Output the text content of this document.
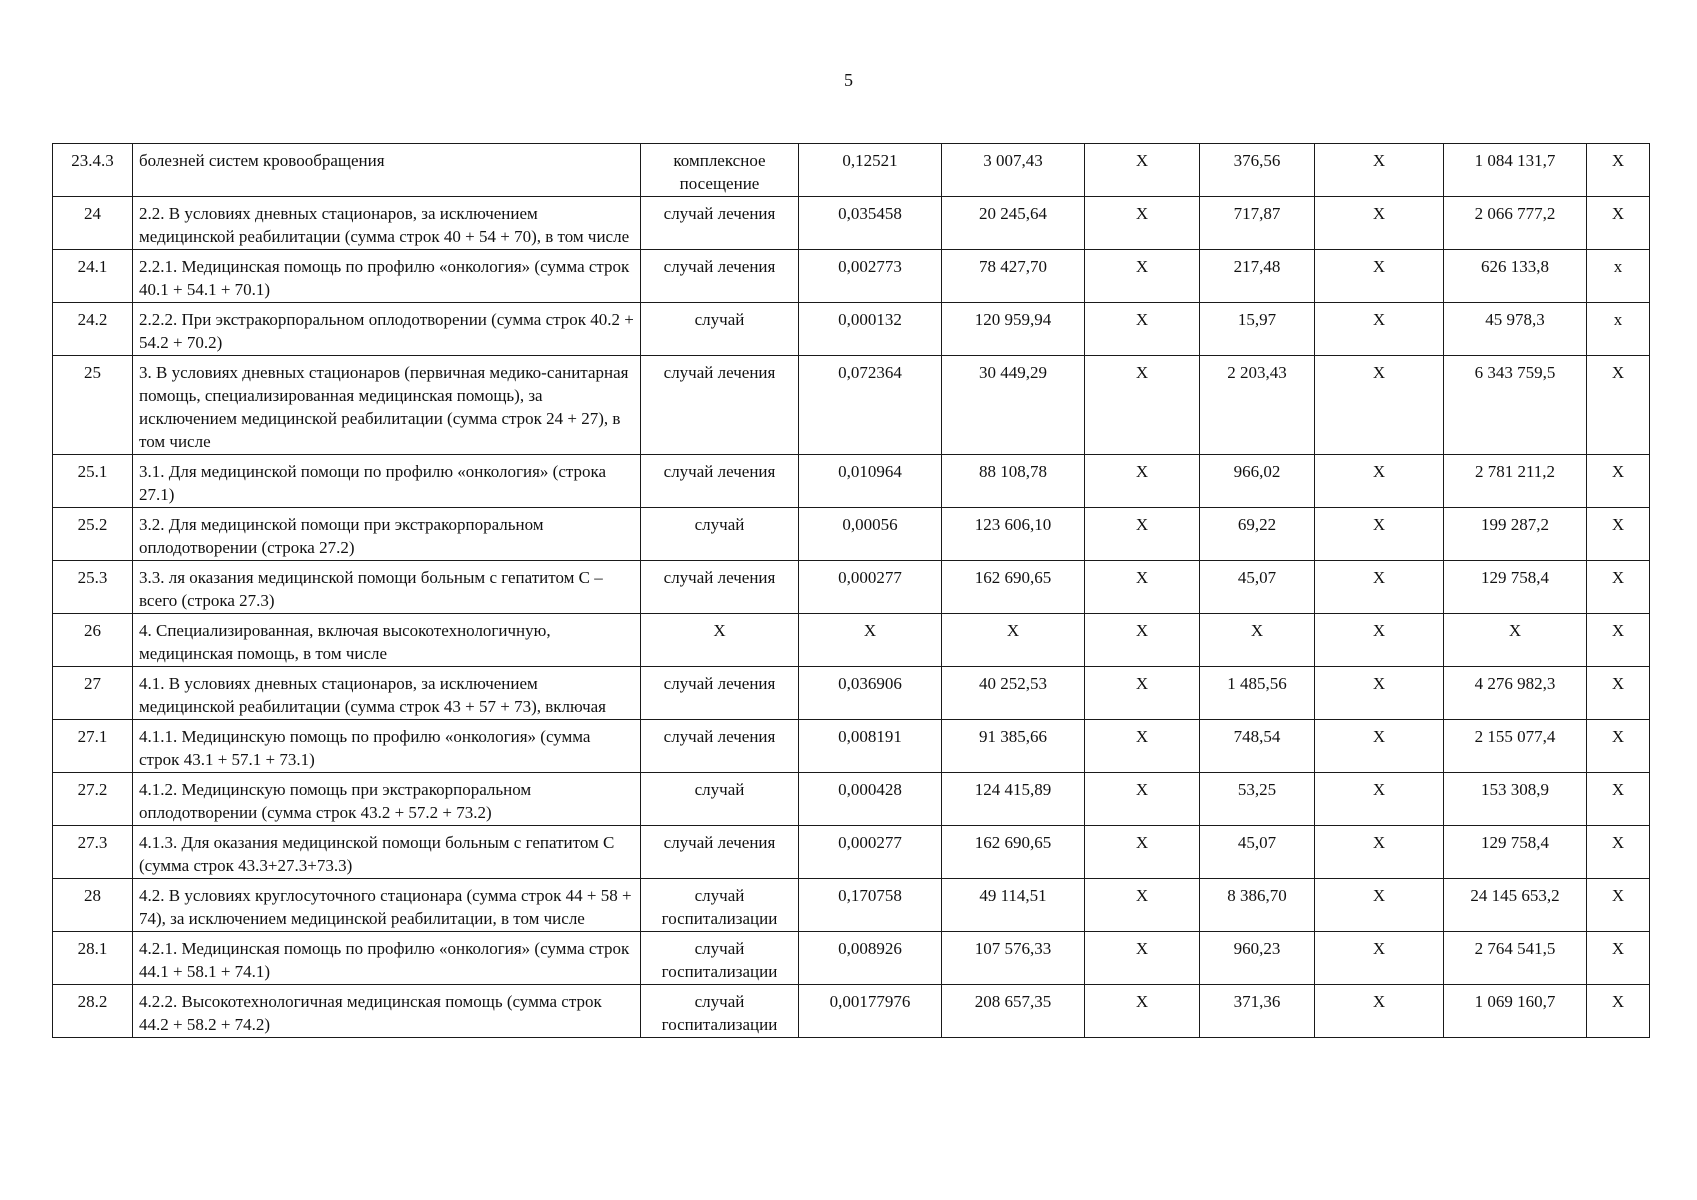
5
23.4.3	болезней систем кровообращения	комплексное посещение	0,12521	3 007,43	X	376,56	X	1 084 131,7	X
24	2.2. В условиях дневных стационаров, за исключением медицинской реабилитации (сумма строк 40 + 54 + 70), в том числе	случай лечения	0,035458	20 245,64	X	717,87	X	2 066 777,2	X
24.1	2.2.1. Медицинская помощь по профилю «онкология» (сумма строк 40.1 + 54.1 + 70.1)	случай лечения	0,002773	78 427,70	X	217,48	X	626 133,8	x
24.2	2.2.2. При экстракорпоральном оплодотворении (сумма строк 40.2 + 54.2 + 70.2)	случай	0,000132	120 959,94	X	15,97	X	45 978,3	x
25	3. В условиях дневных стационаров (первичная медико-санитарная помощь, специализированная медицинская помощь), за исключением медицинской реабилитации (сумма строк 24 + 27), в том числе	случай лечения	0,072364	30 449,29	X	2 203,43	X	6 343 759,5	X
25.1	3.1. Для медицинской помощи по профилю «онкология» (строка 27.1)	случай лечения	0,010964	88 108,78	X	966,02	X	2 781 211,2	X
25.2	3.2. Для медицинской помощи при экстракорпоральном оплодотворении (строка 27.2)	случай	0,00056	123 606,10	X	69,22	X	199 287,2	X
25.3	3.3. ля оказания медицинской помощи больным с гепатитом С – всего (строка 27.3)	случай лечения	0,000277	162 690,65	X	45,07	X	129 758,4	X
26	4. Специализированная, включая высокотехнологичную, медицинская помощь, в том числе	X	X	X	X	X	X	X	X
27	4.1. В условиях дневных стационаров, за исключением медицинской реабилитации (сумма строк 43 + 57 + 73), включая	случай лечения	0,036906	40 252,53	X	1 485,56	X	4 276 982,3	X
27.1	4.1.1. Медицинскую помощь по профилю «онкология» (сумма строк 43.1 + 57.1 + 73.1)	случай лечения	0,008191	91 385,66	X	748,54	X	2 155 077,4	X
27.2	4.1.2. Медицинскую помощь при экстракорпоральном оплодотворении (сумма строк 43.2 + 57.2 + 73.2)	случай	0,000428	124 415,89	X	53,25	X	153 308,9	X
27.3	4.1.3. Для оказания медицинской помощи больным с гепатитом С (сумма строк 43.3+27.3+73.3)	случай лечения	0,000277	162 690,65	X	45,07	X	129 758,4	X
28	4.2. В условиях круглосуточного стационара (сумма строк 44 + 58 + 74), за исключением медицинской реабилитации, в том числе	случай госпитализации	0,170758	49 114,51	X	8 386,70	X	24 145 653,2	X
28.1	4.2.1. Медицинская помощь по профилю «онкология» (сумма строк 44.1 + 58.1 + 74.1)	случай госпитализации	0,008926	107 576,33	X	960,23	X	2 764 541,5	X
28.2	4.2.2. Высокотехнологичная медицинская помощь (сумма строк 44.2 + 58.2 + 74.2)	случай госпитализации	0,00177976	208 657,35	X	371,36	X	1 069 160,7	X
